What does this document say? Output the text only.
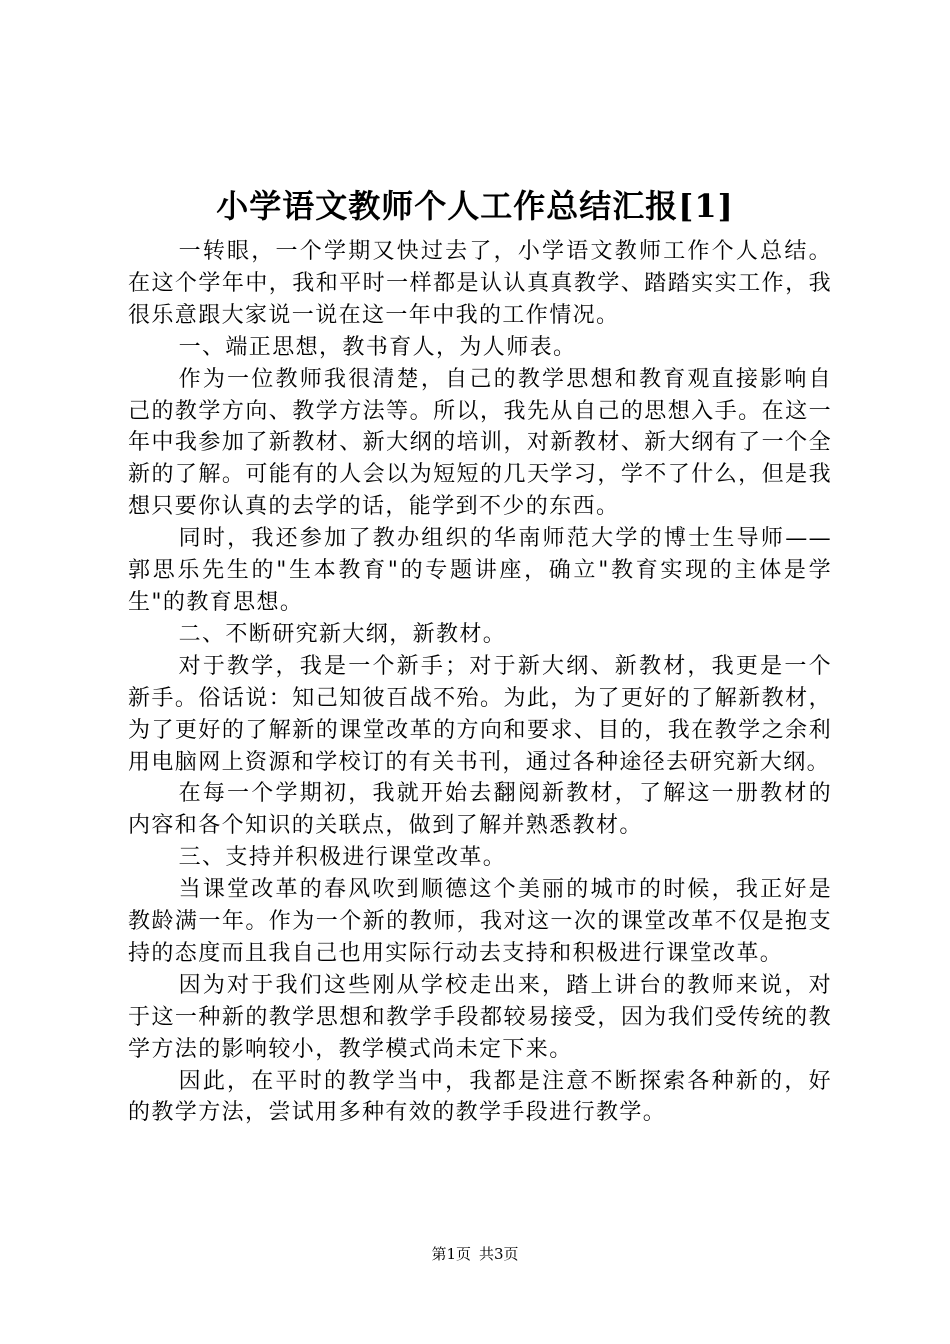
小学语文教师个人工作总结汇报[1]

一转眼，一个学期又快过去了，小学语文教师工作个人总结。在这个学年中，我和平时一样都是认认真真教学、踏踏实实工作，我很乐意跟大家说一说在这一年中我的工作情况。

一、端正思想，教书育人，为人师表。

作为一位教师我很清楚，自己的教学思想和教育观直接影响自己的教学方向、教学方法等。所以，我先从自己的思想入手。在这一年中我参加了新教材、新大纲的培训，对新教材、新大纲有了一个全新的了解。可能有的人会以为短短的几天学习，学不了什么，但是我想只要你认真的去学的话，能学到不少的东西。

同时，我还参加了教办组织的华南师范大学的博士生导师——郭思乐先生的"生本教育"的专题讲座，确立"教育实现的主体是学生"的教育思想。

二、不断研究新大纲，新教材。

对于教学，我是一个新手；对于新大纲、新教材，我更是一个新手。俗话说：知己知彼百战不殆。为此，为了更好的了解新教材，为了更好的了解新的课堂改革的方向和要求、目的，我在教学之余利用电脑网上资源和学校订的有关书刊，通过各种途径去研究新大纲。

在每一个学期初，我就开始去翻阅新教材，了解这一册教材的内容和各个知识的关联点，做到了解并熟悉教材。

三、支持并积极进行课堂改革。

当课堂改革的春风吹到顺德这个美丽的城市的时候，我正好是教龄满一年。作为一个新的教师，我对这一次的课堂改革不仅是抱支持的态度而且我自己也用实际行动去支持和积极进行课堂改革。

因为对于我们这些刚从学校走出来，踏上讲台的教师来说，对于这一种新的教学思想和教学手段都较易接受，因为我们受传统的教学方法的影响较小，教学模式尚未定下来。

因此，在平时的教学当中，我都是注意不断探索各种新的，好的教学方法，尝试用多种有效的教学手段进行教学。

第1页 共3页
